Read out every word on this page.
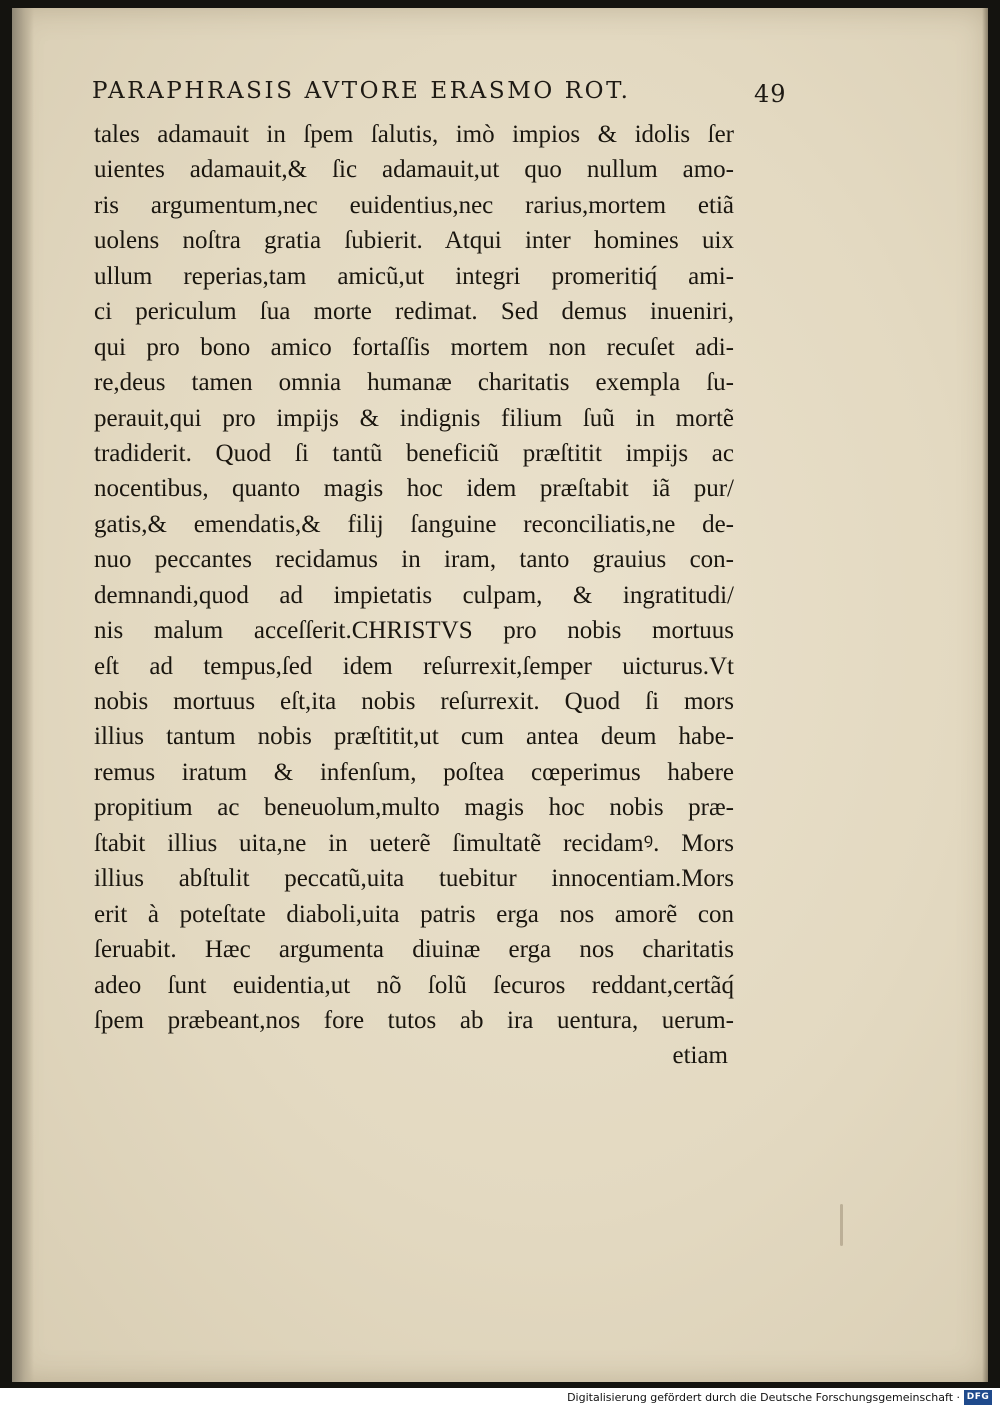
PARAPHRASIS AVTORE ERASMO ROT.	49
tales adamauit in ſpem ſalutis, imò impios & idolis ſer
uientes adamauit,& ſic adamauit,ut quo nullum amo‑
ris argumentum,nec euidentius,nec rarius,mortem etiã
uolens noſtra gratia ſubierit. Atqui inter homines uix
ullum reperias,tam amicũ,ut integri promeritiq́ ami‑
ci periculum ſua morte redimat. Sed demus inueniri,
qui pro bono amico fortaſſis mortem non recuſet adi‑
re,deus tamen omnia humanæ charitatis exempla ſu‑
perauit,qui pro impijs & indignis filium ſuũ in mortẽ
tradiderit. Quod ſi tantũ beneficiũ præſtitit impijs ac
nocentibus, quanto magis hoc idem præſtabit iã pur/
gatis,& emendatis,& filij ſanguine reconciliatis,ne de‑
nuo peccantes recidamus in iram, tanto grauius con‑
demnandi,quod ad impietatis culpam, & ingratitudi/
nis malum acceſſerit.CHRISTVS pro nobis mortuus
eſt ad tempus,ſed idem reſurrexit,ſemper uicturus.Vt
nobis mortuus eſt,ita nobis reſurrexit. Quod ſi mors
illius tantum nobis præſtitit,ut cum antea deum habe‑
remus iratum & infenſum, poſtea cœperimus habere
propitium ac beneuolum,multo magis hoc nobis præ‑
ſtabit illius uita,ne in ueterẽ ſimultatẽ recidamꝰ. Mors
illius abſtulit peccatũ,uita tuebitur innocentiam.Mors
erit à poteſtate diaboli,uita patris erga nos amorẽ con
ſeruabit. Hæc argumenta diuinæ erga nos charitatis
adeo ſunt euidentia,ut nõ ſolũ ſecuros reddant,certãq́
ſpem præbeant,nos fore tutos ab ira uentura, uerum‑
etiam
Digitalisierung gefördert durch die Deutsche Forschungsgemeinschaft · DFG
